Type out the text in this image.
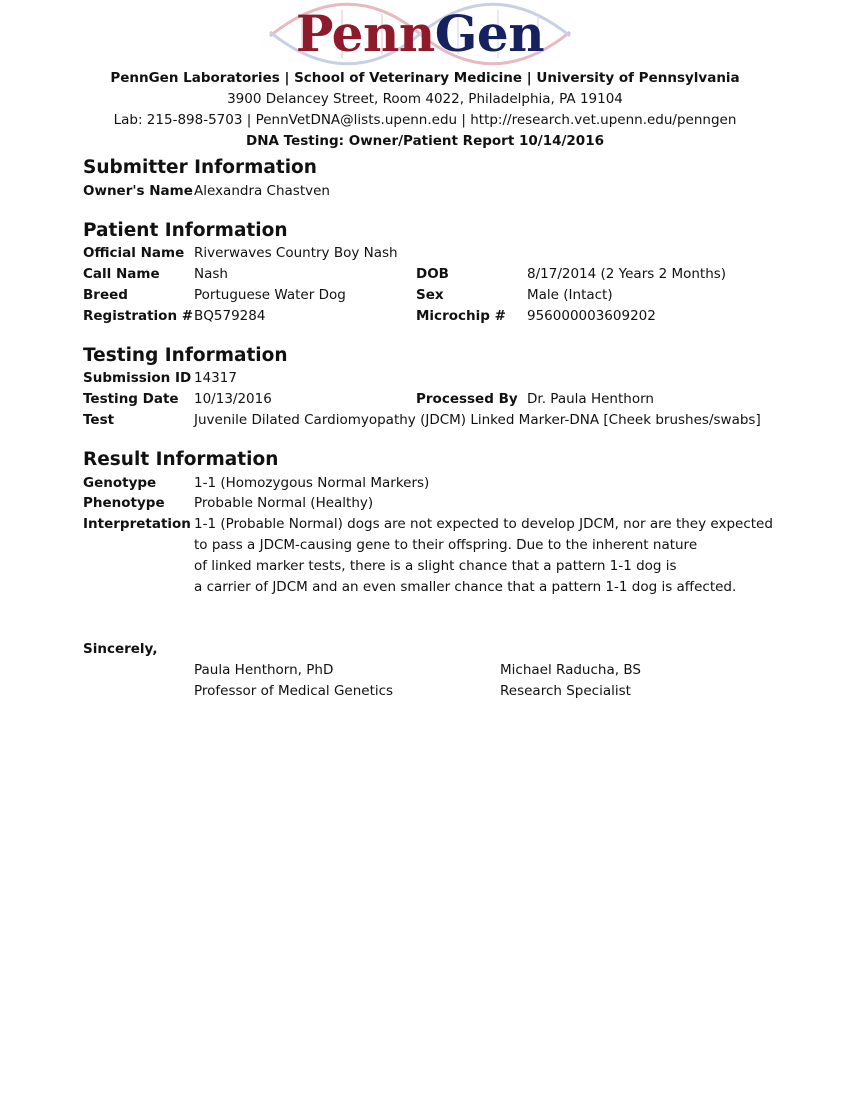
PennGen
PennGen Laboratories | School of Veterinary Medicine | University of Pennsylvania
3900 Delancey Street, Room 4022, Philadelphia, PA 19104
Lab: 215-898-5703 | PennVetDNA@lists.upenn.edu | http://research.vet.upenn.edu/penngen
DNA Testing: Owner/Patient Report 10/14/2016
Submitter Information
Owner's Name Alexandra Chastven
Patient Information
Official Name Riverwaves Country Boy Nash
Call Name	Nash	DOB	8/17/2014 (2 Years 2 Months)
Breed	Portuguese Water Dog	Sex	Male (Intact)
Registration # BQ579284	Microchip # 956000003609202
Testing Information
Submission ID 14317
Testing Date 10/13/2016	Processed By Dr. Paula Henthorn
Test	Juvenile Dilated Cardiomyopathy (JDCM) Linked Marker-DNA [Cheek brushes/swabs]
Result Information
Genotype	1-1 (Homozygous Normal Markers)
Phenotype Probable Normal (Healthy)
Interpretation 1-1 (Probable Normal) dogs are not expected to develop JDCM, nor are they expected
to pass a JDCM-causing gene to their offspring. Due to the inherent nature
of linked marker tests, there is a slight chance that a pattern 1-1 dog is
a carrier of JDCM and an even smaller chance that a pattern 1-1 dog is affected.
Sincerely,
Paula Henthorn, PhD
Professor of Medical Genetics
Michael Raducha, BS
Research Specialist
